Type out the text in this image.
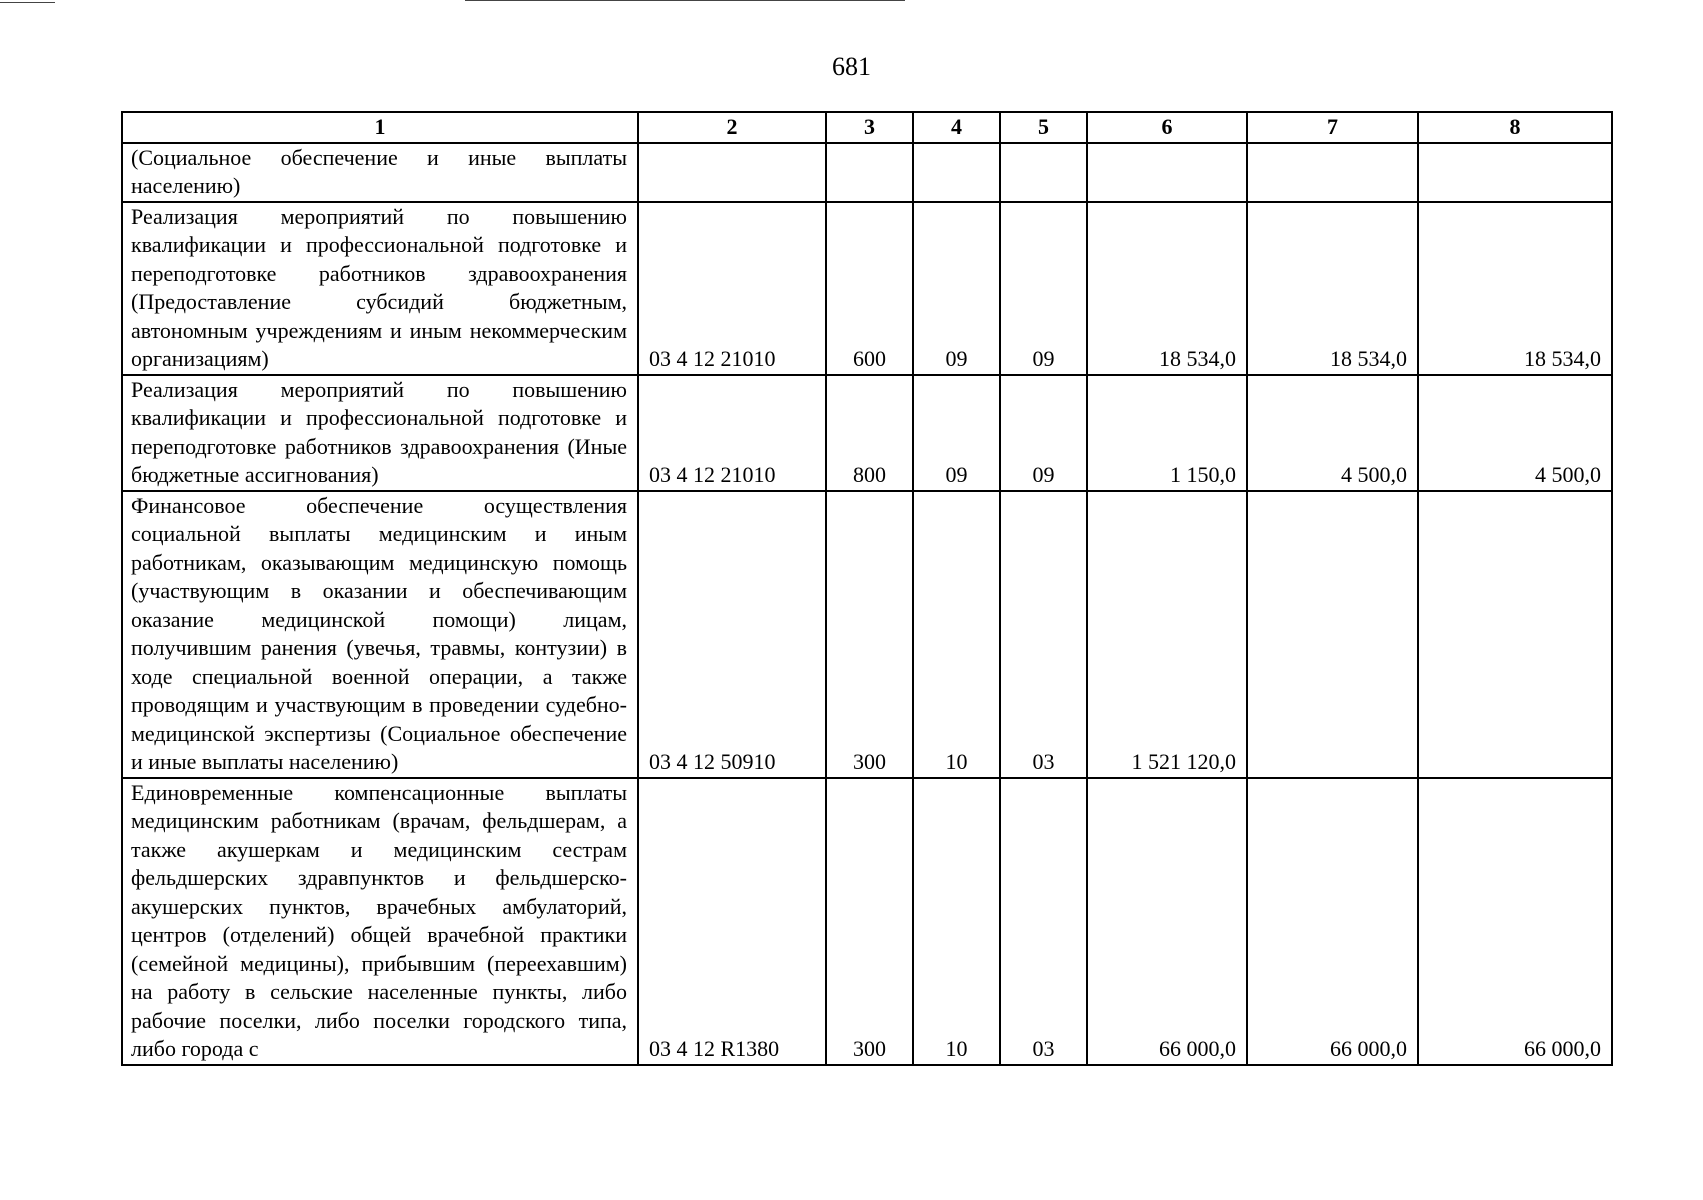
681
1	2	3	4	5	6	7	8
(Социальное обеспечение и иные выплаты населению)							
Реализация мероприятий по повышению квалификации и профессиональной подготовке и переподготовке работников здравоохранения (Предоставление субсидий бюджетным, автономным учреждениям и иным некоммерческим организациям)	03 4 12 21010	600	09	09	18 534,0	18 534,0	18 534,0
Реализация мероприятий по повышению квалификации и профессиональной подготовке и переподготовке работников здравоохранения (Иные бюджетные ассигнования)	03 4 12 21010	800	09	09	1 150,0	4 500,0	4 500,0
Финансовое обеспечение осуществления социальной выплаты медицинским и иным работникам, оказывающим медицинскую помощь (участвующим в оказании и обеспечивающим оказание медицинской помощи) лицам, получившим ранения (увечья, травмы, контузии) в ходе специальной военной операции, а также проводящим и участвующим в проведении судебно-медицинской экспертизы (Социальное обеспечение и иные выплаты населению)	03 4 12 50910	300	10	03	1 521 120,0		
Единовременные компенсационные выплаты медицинским работникам (врачам, фельдшерам, а также акушеркам и медицинским сестрам фельдшерских здравпунктов и фельдшерско-акушерских пунктов, врачебных амбулаторий, центров (отделений) общей врачебной практики (семейной медицины), прибывшим (переехавшим) на работу в сельские населенные пункты, либо рабочие поселки, либо поселки городского типа, либо города с	03 4 12 R1380	300	10	03	66 000,0	66 000,0	66 000,0
